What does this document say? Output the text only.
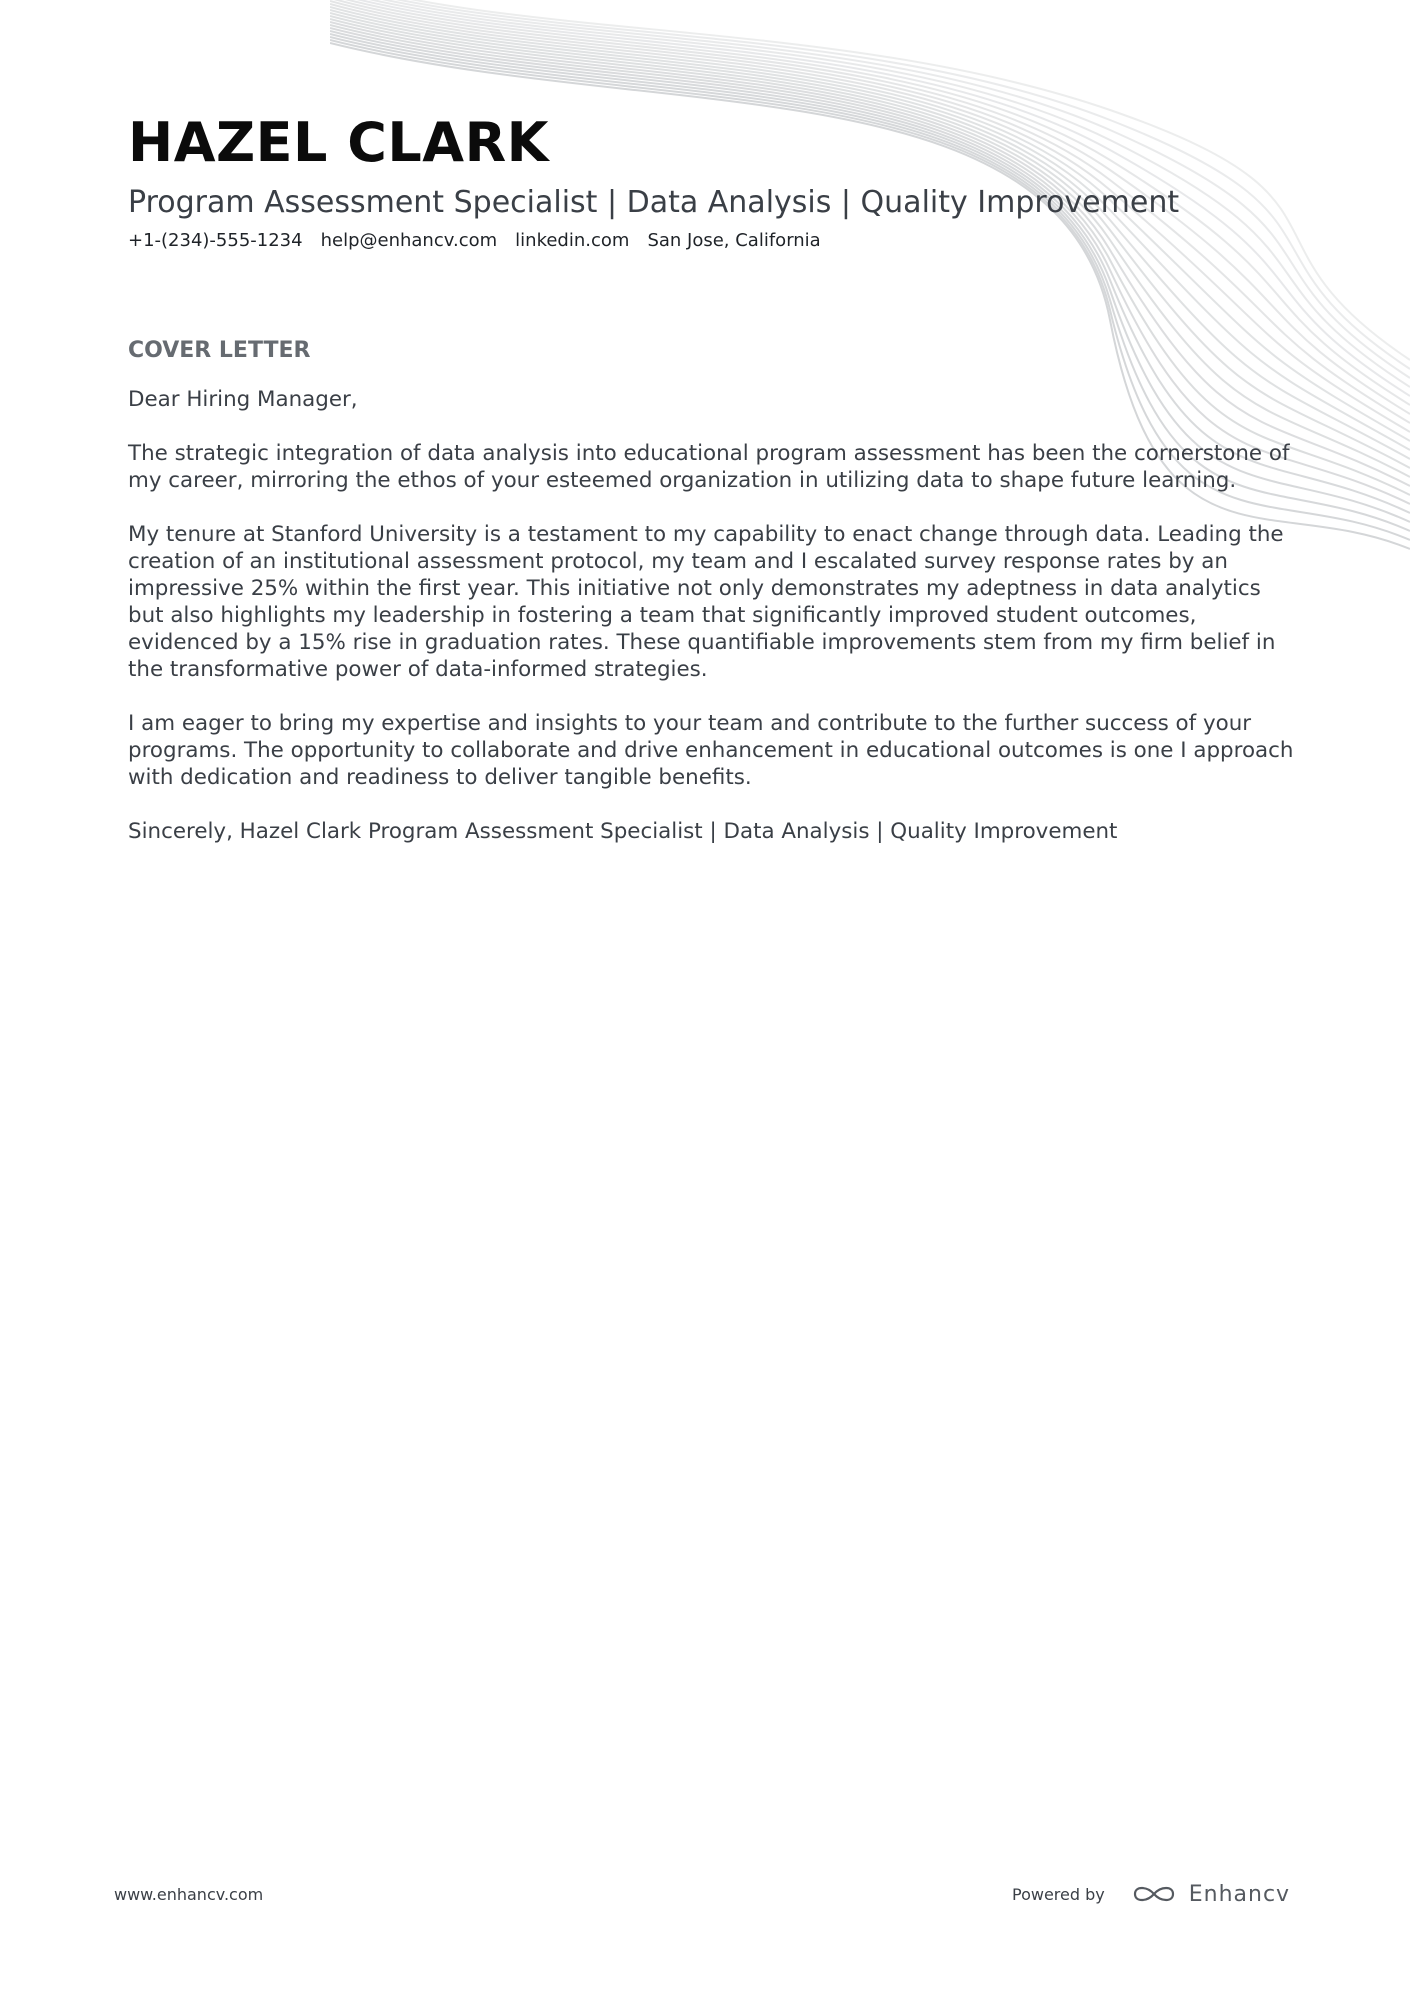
HAZEL CLARK
Program Assessment Specialist | Data Analysis | Quality Improvement
+1-(234)-555-1234 help@enhancv.com linkedin.com San Jose, California
COVER LETTER

Dear Hiring Manager,

The strategic integration of data analysis into educational program assessment has been the cornerstone of my career, mirroring the ethos of your esteemed organization in utilizing data to shape future learning.

My tenure at Stanford University is a testament to my capability to enact change through data. Leading the creation of an institutional assessment protocol, my team and I escalated survey response rates by an impressive 25% within the first year. This initiative not only demonstrates my adeptness in data analytics but also highlights my leadership in fostering a team that significantly improved student outcomes, evidenced by a 15% rise in graduation rates. These quantifiable improvements stem from my firm belief in the transformative power of data-informed strategies.

I am eager to bring my expertise and insights to your team and contribute to the further success of your programs. The opportunity to collaborate and drive enhancement in educational outcomes is one I approach with dedication and readiness to deliver tangible benefits.

Sincerely, Hazel Clark Program Assessment Specialist | Data Analysis | Quality Improvement

www.enhancv.com	Powered by	Enhancv
